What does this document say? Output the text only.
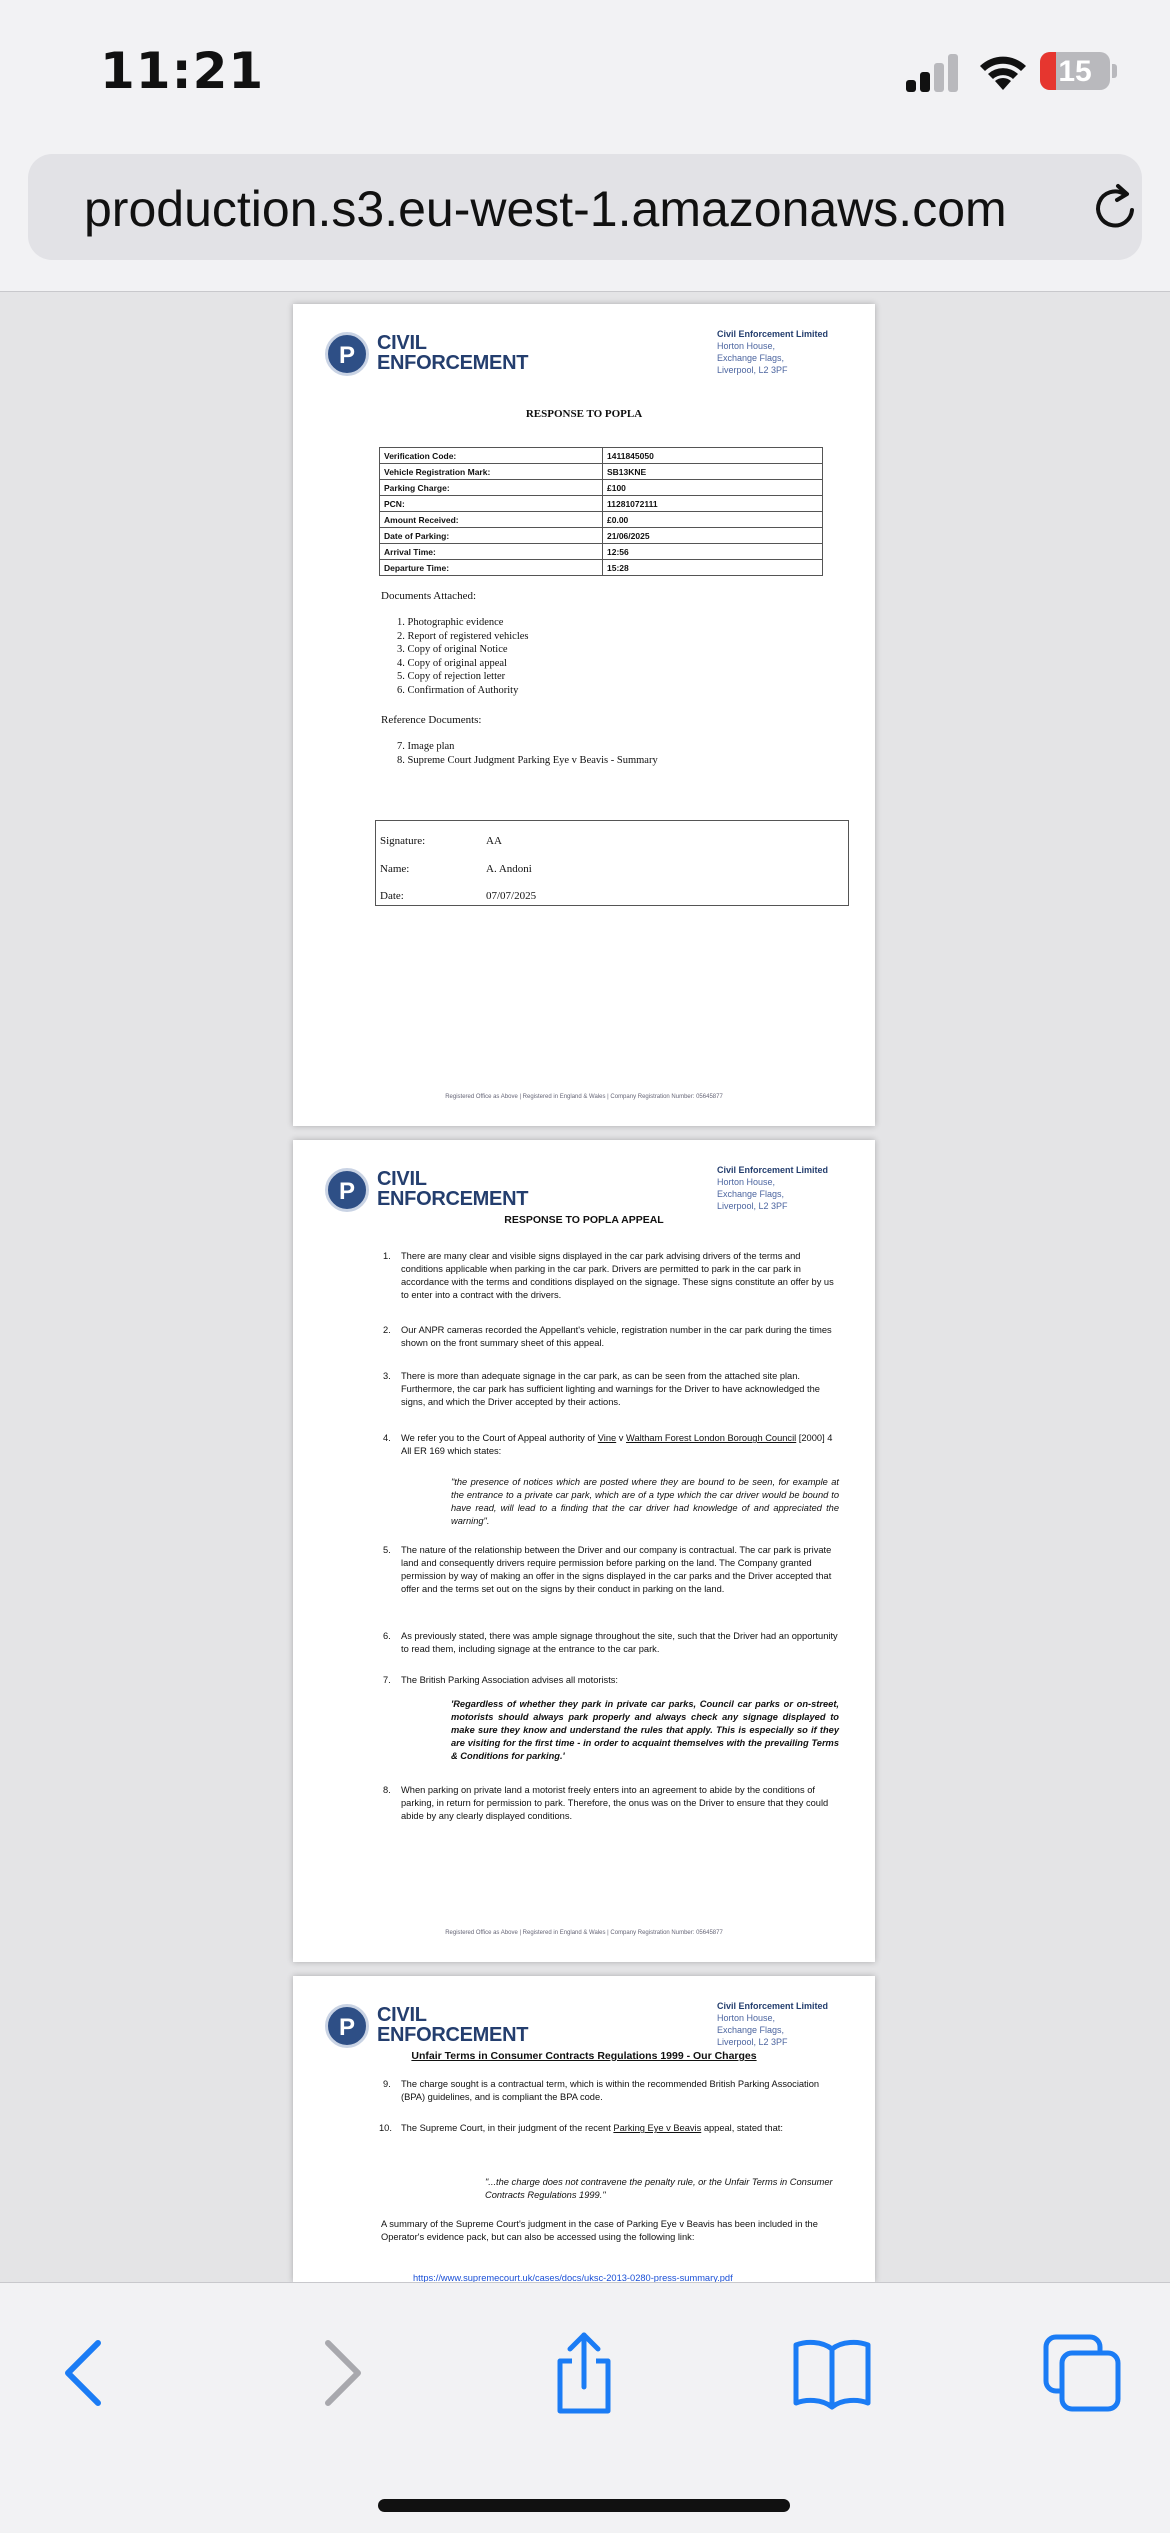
11:21	15
production.s3.eu-west-1.amazonaws.com
P	CIVIL
ENFORCEMENT
Civil Enforcement Limited
Horton House,
Exchange Flags,
Liverpool, L2 3PF
RESPONSE TO POPLA
Verification Code:	1411845050
Vehicle Registration Mark:	SB13KNE
Parking Charge:	£100
PCN:	11281072111
Amount Received:	£0.00
Date of Parking:	21/06/2025
Arrival Time:	12:56
Departure Time:	15:28
Documents Attached:
1. Photographic evidence
2. Report of registered vehicles
3. Copy of original Notice
4. Copy of original appeal
5. Copy of rejection letter
6. Confirmation of Authority
Reference Documents:
7. Image plan
8. Supreme Court Judgment Parking Eye v Beavis - Summary
Signature:	AA
Name:	A. Andoni
Date:	07/07/2025
Registered Office as Above | Registered in England & Wales | Company Registration Number: 05645877
P	CIVIL
ENFORCEMENT
Civil Enforcement Limited
Horton House,
Exchange Flags,
Liverpool, L2 3PF
RESPONSE TO POPLA APPEAL
1. There are many clear and visible signs displayed in the car park advising drivers of the terms and conditions applicable when parking in the car park. Drivers are permitted to park in the car park in accordance with the terms and conditions displayed on the signage. These signs constitute an offer by us to enter into a contract with the drivers.
2. Our ANPR cameras recorded the Appellant's vehicle, registration number in the car park during the times shown on the front summary sheet of this appeal.
3. There is more than adequate signage in the car park, as can be seen from the attached site plan. Furthermore, the car park has sufficient lighting and warnings for the Driver to have acknowledged the signs, and which the Driver accepted by their actions.
4. We refer you to the Court of Appeal authority of Vine v Waltham Forest London Borough Council [2000] 4 All ER 169 which states:
"the presence of notices which are posted where they are bound to be seen, for example at the entrance to a private car park, which are of a type which the car driver would be bound to have read, will lead to a finding that the car driver had knowledge of and appreciated the warning".
5. The nature of the relationship between the Driver and our company is contractual. The car park is private land and consequently drivers require permission before parking on the land. The Company granted permission by way of making an offer in the signs displayed in the car parks and the Driver accepted that offer and the terms set out on the signs by their conduct in parking on the land.
6. As previously stated, there was ample signage throughout the site, such that the Driver had an opportunity to read them, including signage at the entrance to the car park.
7. The British Parking Association advises all motorists:
'Regardless of whether they park in private car parks, Council car parks or on-street, motorists should always park properly and always check any signage displayed to make sure they know and understand the rules that apply. This is especially so if they are visiting for the first time - in order to acquaint themselves with the prevailing Terms & Conditions for parking.'
8. When parking on private land a motorist freely enters into an agreement to abide by the conditions of parking, in return for permission to park. Therefore, the onus was on the Driver to ensure that they could abide by any clearly displayed conditions.
Registered Office as Above | Registered in England & Wales | Company Registration Number: 05645877
P	CIVIL
ENFORCEMENT
Civil Enforcement Limited
Horton House,
Exchange Flags,
Liverpool, L2 3PF
Unfair Terms in Consumer Contracts Regulations 1999 - Our Charges
9. The charge sought is a contractual term, which is within the recommended British Parking Association (BPA) guidelines, and is compliant the BPA code.
10. The Supreme Court, in their judgment of the recent Parking Eye v Beavis appeal, stated that:
"...the charge does not contravene the penalty rule, or the Unfair Terms in Consumer Contracts Regulations 1999."
A summary of the Supreme Court's judgment in the case of Parking Eye v Beavis has been included in the Operator's evidence pack, but can also be accessed using the following link:
https://www.supremecourt.uk/cases/docs/uksc-2013-0280-press-summary.pdf
